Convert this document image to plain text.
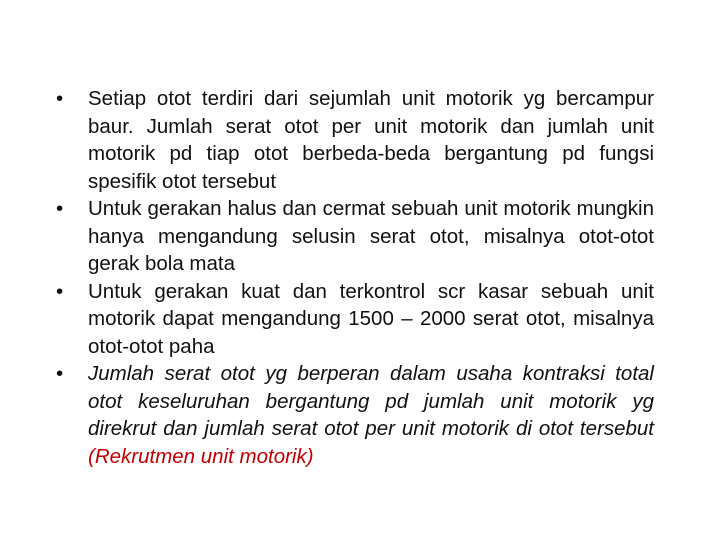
•	Setiap otot terdiri dari sejumlah unit motorik yg bercampur baur. Jumlah serat otot per unit motorik dan jumlah unit motorik pd tiap otot berbeda-beda bergantung pd fungsi spesifik otot tersebut
•	Untuk gerakan halus dan cermat sebuah unit motorik mungkin hanya mengandung selusin serat otot, misalnya otot-otot gerak bola mata
•	Untuk gerakan kuat dan terkontrol scr kasar sebuah unit motorik dapat mengandung 1500 – 2000 serat otot, misalnya otot-otot paha
•	Jumlah serat otot yg berperan dalam usaha kontraksi total otot keseluruhan bergantung pd jumlah unit motorik yg direkrut dan jumlah serat otot per unit motorik di otot tersebut (Rekrutmen unit motorik)
